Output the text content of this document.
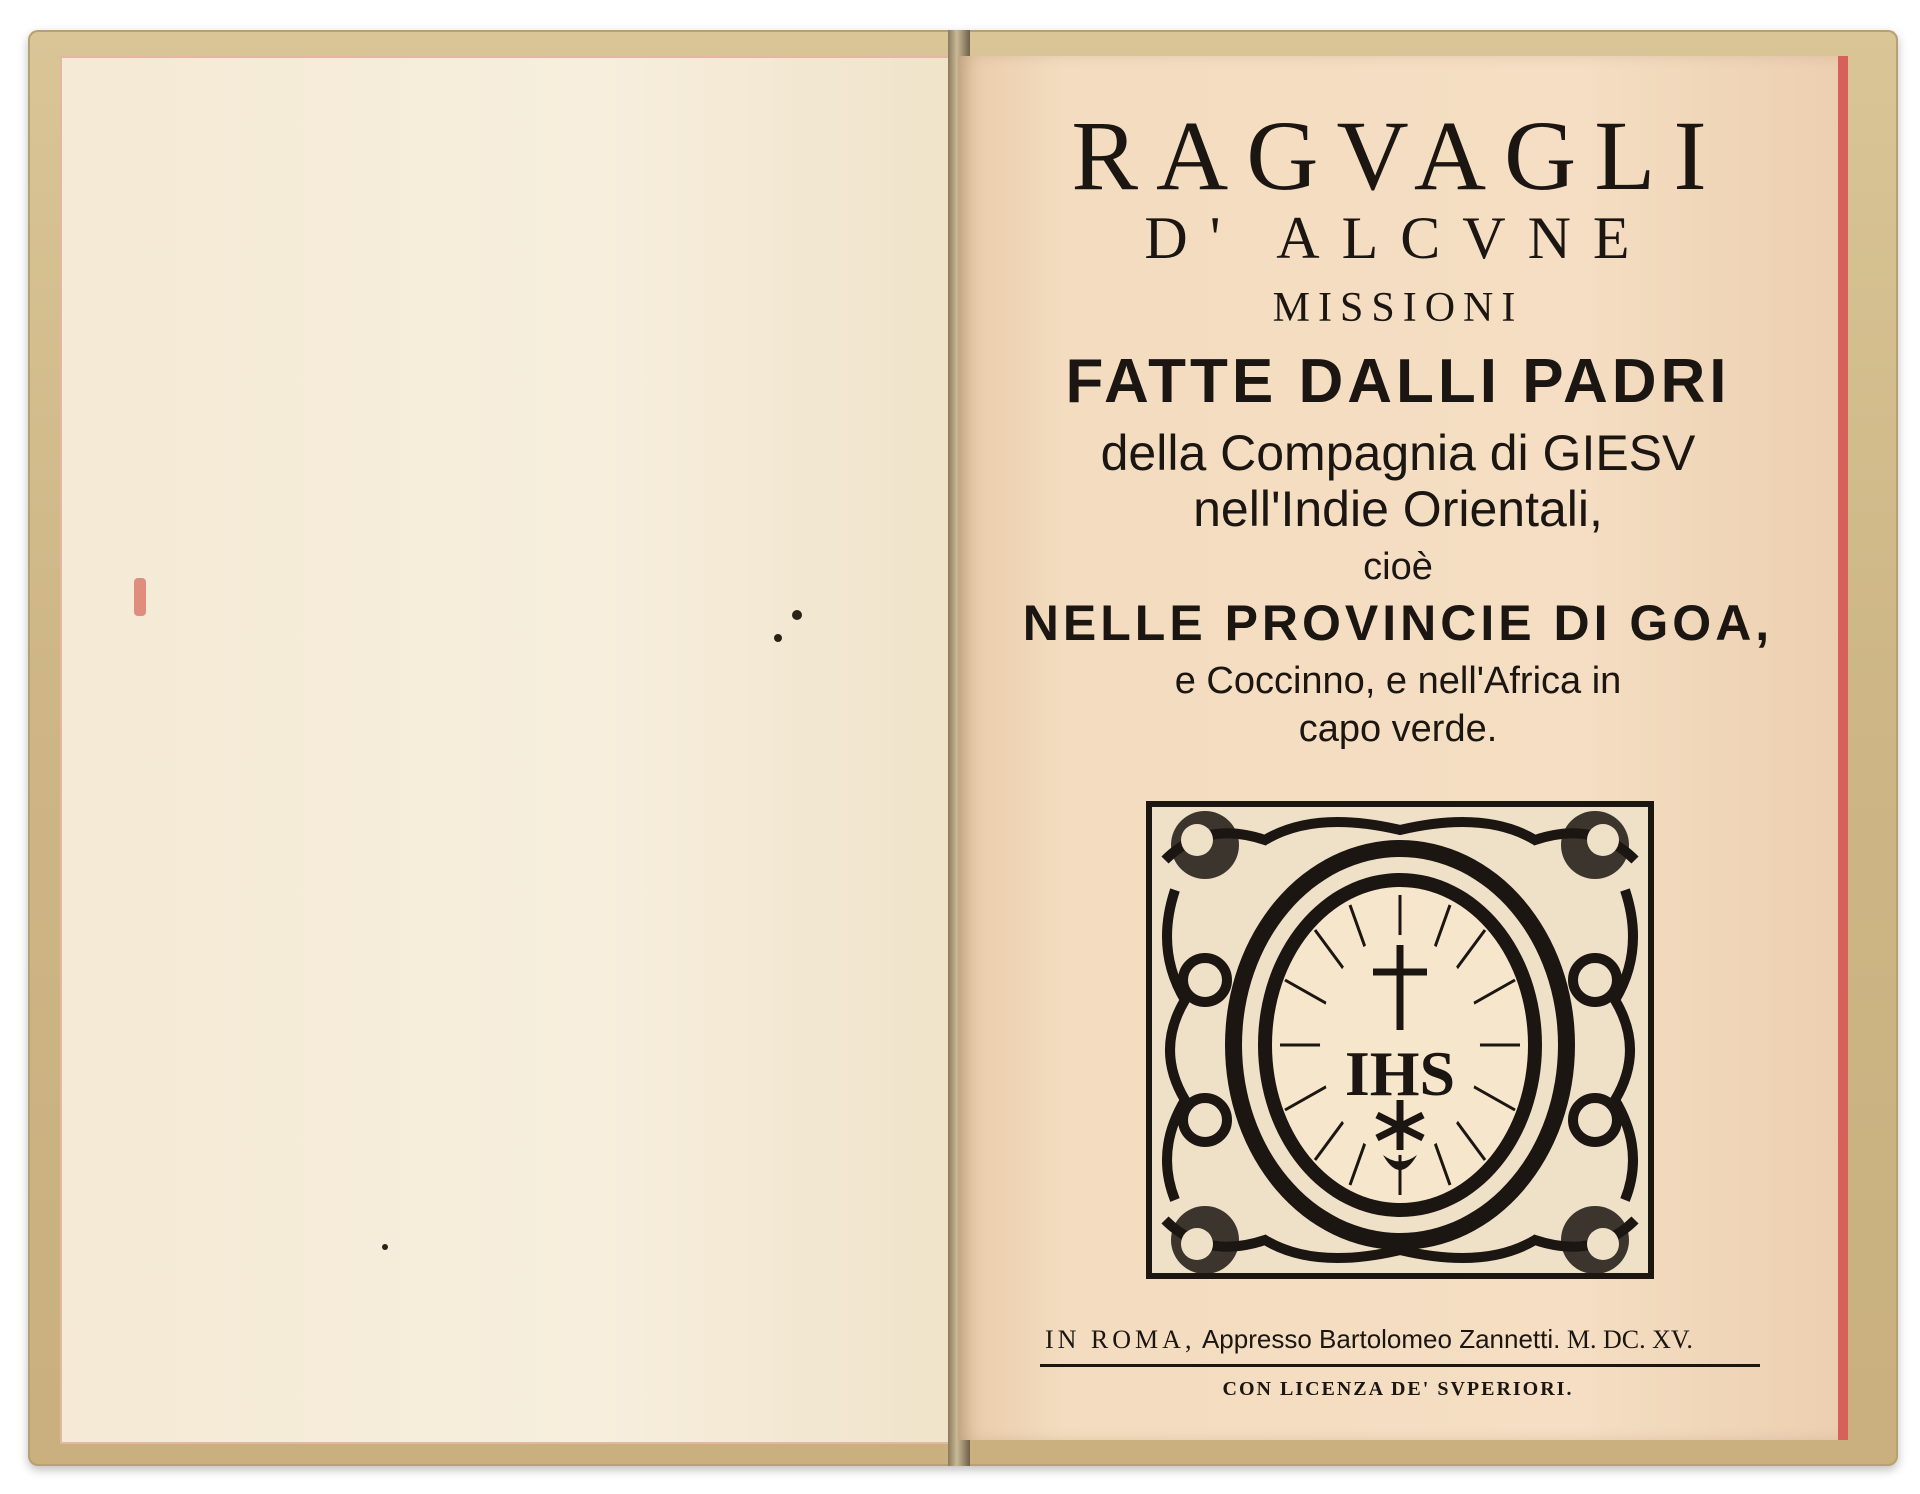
RAGVAGLI
D' ALCVNE
MISSIONI
FATTE DALLI PADRI
della Compagnia di GIESV
nell'Indie Orientali,
cioè
NELLE PROVINCIE DI GOA,
e Coccinno, e nell'Africa in
capo verde.
IHS
IN ROMA, Appresso Bartolomeo Zannetti. M. DC. XV.
CON LICENZA DE' SVPERIORI.
